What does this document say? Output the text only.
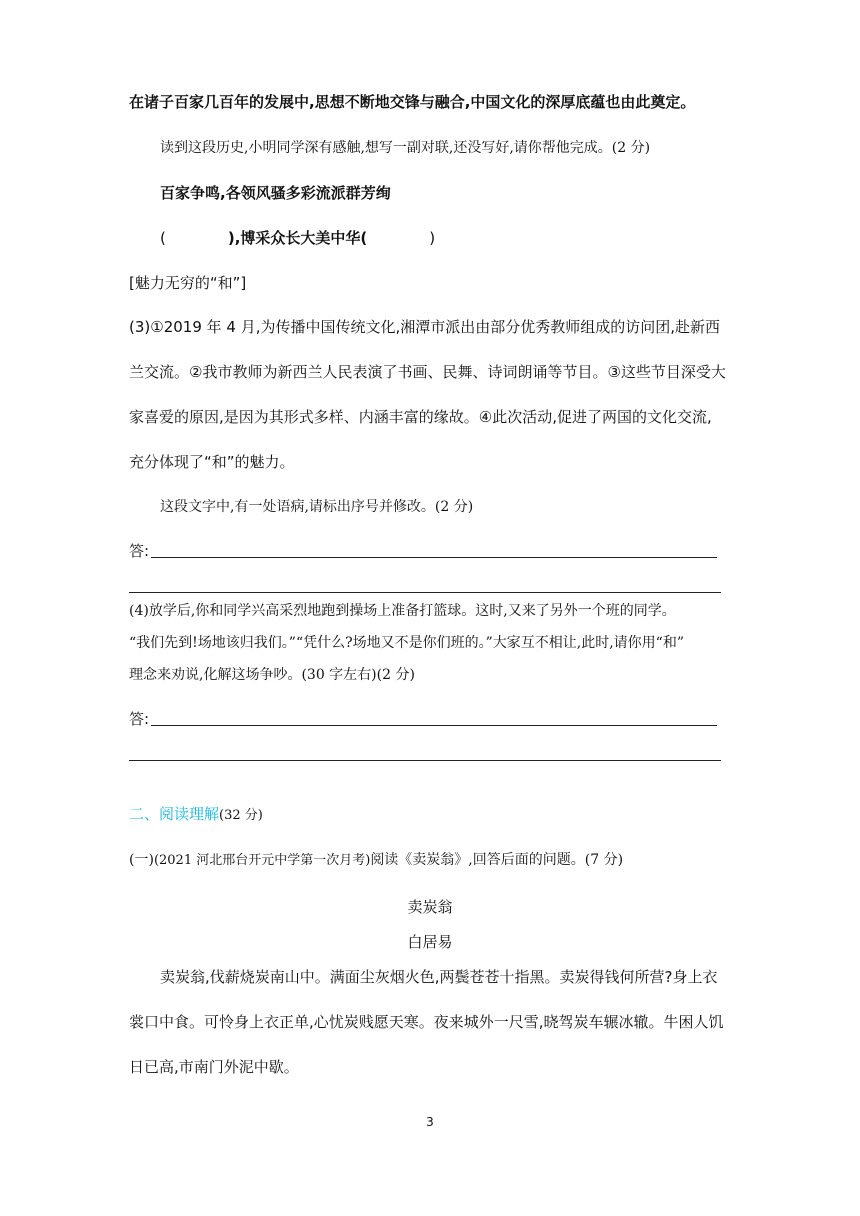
在诸子百家几百年的发展中,思想不断地交锋与融合,中国文化的深厚底蕴也由此奠定。
读到这段历史,小明同学深有感触,想写一副对联,还没写好,请你帮他完成。(2 分)
百家争鸣,各领风骚多彩流派群芳绚
(	),博采众长大美中华(	)
[魅力无穷的“和”]
(3)①2019 年 4 月,为传播中国传统文化,湘潭市派出由部分优秀教师组成的访问团,赴新西
兰交流。②我市教师为新西兰人民表演了书画、民舞、诗词朗诵等节目。③这些节目深受大
家喜爱的原因,是因为其形式多样、内涵丰富的缘故。④此次活动,促进了两国的文化交流,
充分体现了“和”的魅力。
这段文字中,有一处语病,请标出序号并修改。(2 分)
答:
(4)放学后,你和同学兴高采烈地跑到操场上准备打篮球。这时,又来了另外一个班的同学。
“我们先到!场地该归我们。”“凭什么?场地又不是你们班的。”大家互不相让,此时,请你用“和”
理念来劝说,化解这场争吵。(30 字左右)(2 分)
答:
二、阅读理解(32 分)
(一)(2021 河北邢台开元中学第一次月考)阅读《卖炭翁》,回答后面的问题。(7 分)
卖炭翁
白居易
卖炭翁,伐薪烧炭南山中。满面尘灰烟火色,两鬓苍苍十指黑。卖炭得钱何所营?身上衣
裳口中食。可怜身上衣正单,心忧炭贱愿天寒。夜来城外一尺雪,晓驾炭车辗冰辙。牛困人饥
日已高,市南门外泥中歇。
3
